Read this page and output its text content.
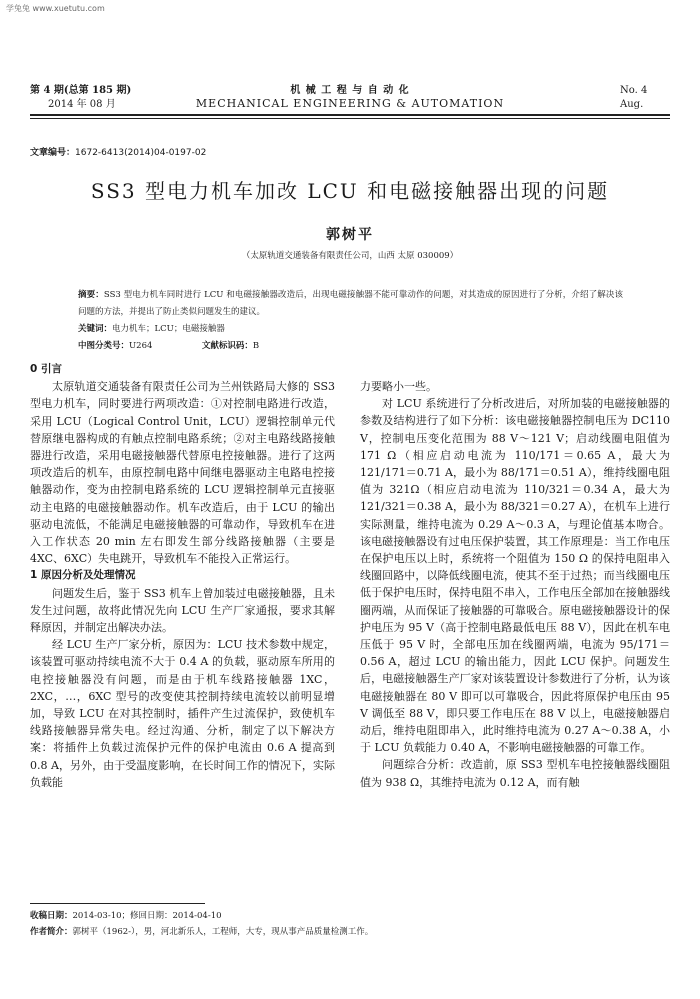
学兔兔 www.xuetutu.com
第 4 期(总第 185 期)
2014 年 08 月
机 械 工 程 与 自 动 化
MECHANICAL ENGINEERING & AUTOMATION
No. 4
Aug.
文章编号：1672-6413(2014)04-0197-02
SS3 型电力机车加改 LCU 和电磁接触器出现的问题
郭树平
（太原轨道交通装备有限责任公司，山西 太原 030009）
摘要：SS3 型电力机车同时进行 LCU 和电磁接触器改造后，出现电磁接触器不能可靠动作的问题，对其造成的原因进行了分析，介绍了解决该问题的方法，并提出了防止类似问题发生的建议。
关键词：电力机车；LCU；电磁接触器
中图分类号：U264	文献标识码：B

0 引言

太原轨道交通装备有限责任公司为兰州铁路局大修的 SS3 型电力机车，同时要进行两项改造：①对控制电路进行改造，采用 LCU（Logical Control Unit，LCU）逻辑控制单元代替原继电器构成的有触点控制电路系统；②对主电路线路接触器进行改造，采用电磁接触器代替原电控接触器。进行了这两项改造后的机车，由原控制电路中间继电器驱动主电路电控接触器动作，变为由控制电路系统的 LCU 逻辑控制单元直接驱动主电路的电磁接触器动作。机车改造后，由于 LCU 的输出驱动电流低，不能满足电磁接触器的可靠动作，导致机车在进入工作状态 20 min 左右即发生部分线路接触器（主要是 4XC、6XC）失电跳开，导致机车不能投入正常运行。

1 原因分析及处理情况

问题发生后，鉴于 SS3 机车上曾加装过电磁接触器，且未发生过问题，故将此情况先向 LCU 生产厂家通报，要求其解释原因，并制定出解决办法。

经 LCU 生产厂家分析，原因为：LCU 技术参数中规定，该装置可驱动持续电流不大于 0.4 A 的负载，驱动原车所用的电控接触器没有问题，而是由于机车线路接触器 1XC，2XC，…，6XC 型号的改变使其控制持续电流较以前明显增加，导致 LCU 在对其控制时，插件产生过流保护，致使机车线路接触器异常失电。经过沟通、分析，制定了以下解决方案：将插件上负载过流保护元件的保护电流由 0.6 A 提高到 0.8 A，另外，由于受温度影响，在长时间工作的情况下，实际负载能

力要略小一些。

对 LCU 系统进行了分析改进后，对所加装的电磁接触器的参数及结构进行了如下分析：该电磁接触器控制电压为 DC110 V，控制电压变化范围为 88 V～121 V；启动线圈电阻值为 171 Ω（相应启动电流为 110/171＝0.65 A，最大为 121/171＝0.71 A，最小为 88/171＝0.51 A），维持线圈电阻值为 321Ω（相应启动电流为 110/321＝0.34 A，最大为 121/321＝0.38 A，最小为 88/321＝0.27 A），在机车上进行实际测量，维持电流为 0.29 A～0.3 A，与理论值基本吻合。该电磁接触器设有过电压保护装置，其工作原理是：当工作电压在保护电压以上时，系统将一个阻值为 150 Ω 的保持电阻串入线圈回路中，以降低线圈电流，使其不至于过热；而当线圈电压低于保护电压时，保持电阻不串入，工作电压全部加在接触器线圈两端，从而保证了接触器的可靠吸合。原电磁接触器设计的保护电压为 95 V（高于控制电路最低电压 88 V），因此在机车电压低于 95 V 时，全部电压加在线圈两端，电流为 95/171＝0.56 A，超过 LCU 的输出能力，因此 LCU 保护。问题发生后，电磁接触器生产厂家对该装置设计参数进行了分析，认为该电磁接触器在 80 V 即可以可靠吸合，因此将原保护电压由 95 V 调低至 88 V，即只要工作电压在 88 V 以上，电磁接触器启动后，维持电阻即串入，此时维持电流为 0.27 A～0.38 A，小于 LCU 负载能力 0.40 A，不影响电磁接触器的可靠工作。

问题综合分析：改造前，原 SS3 型机车电控接触器线圈阻值为 938 Ω，其维持电流为 0.12 A，而有触

收稿日期：2014-03-10；修回日期：2014-04-10
作者简介：郭树平（1962-），男，河北新乐人，工程师，大专，现从事产品质量检测工作。
